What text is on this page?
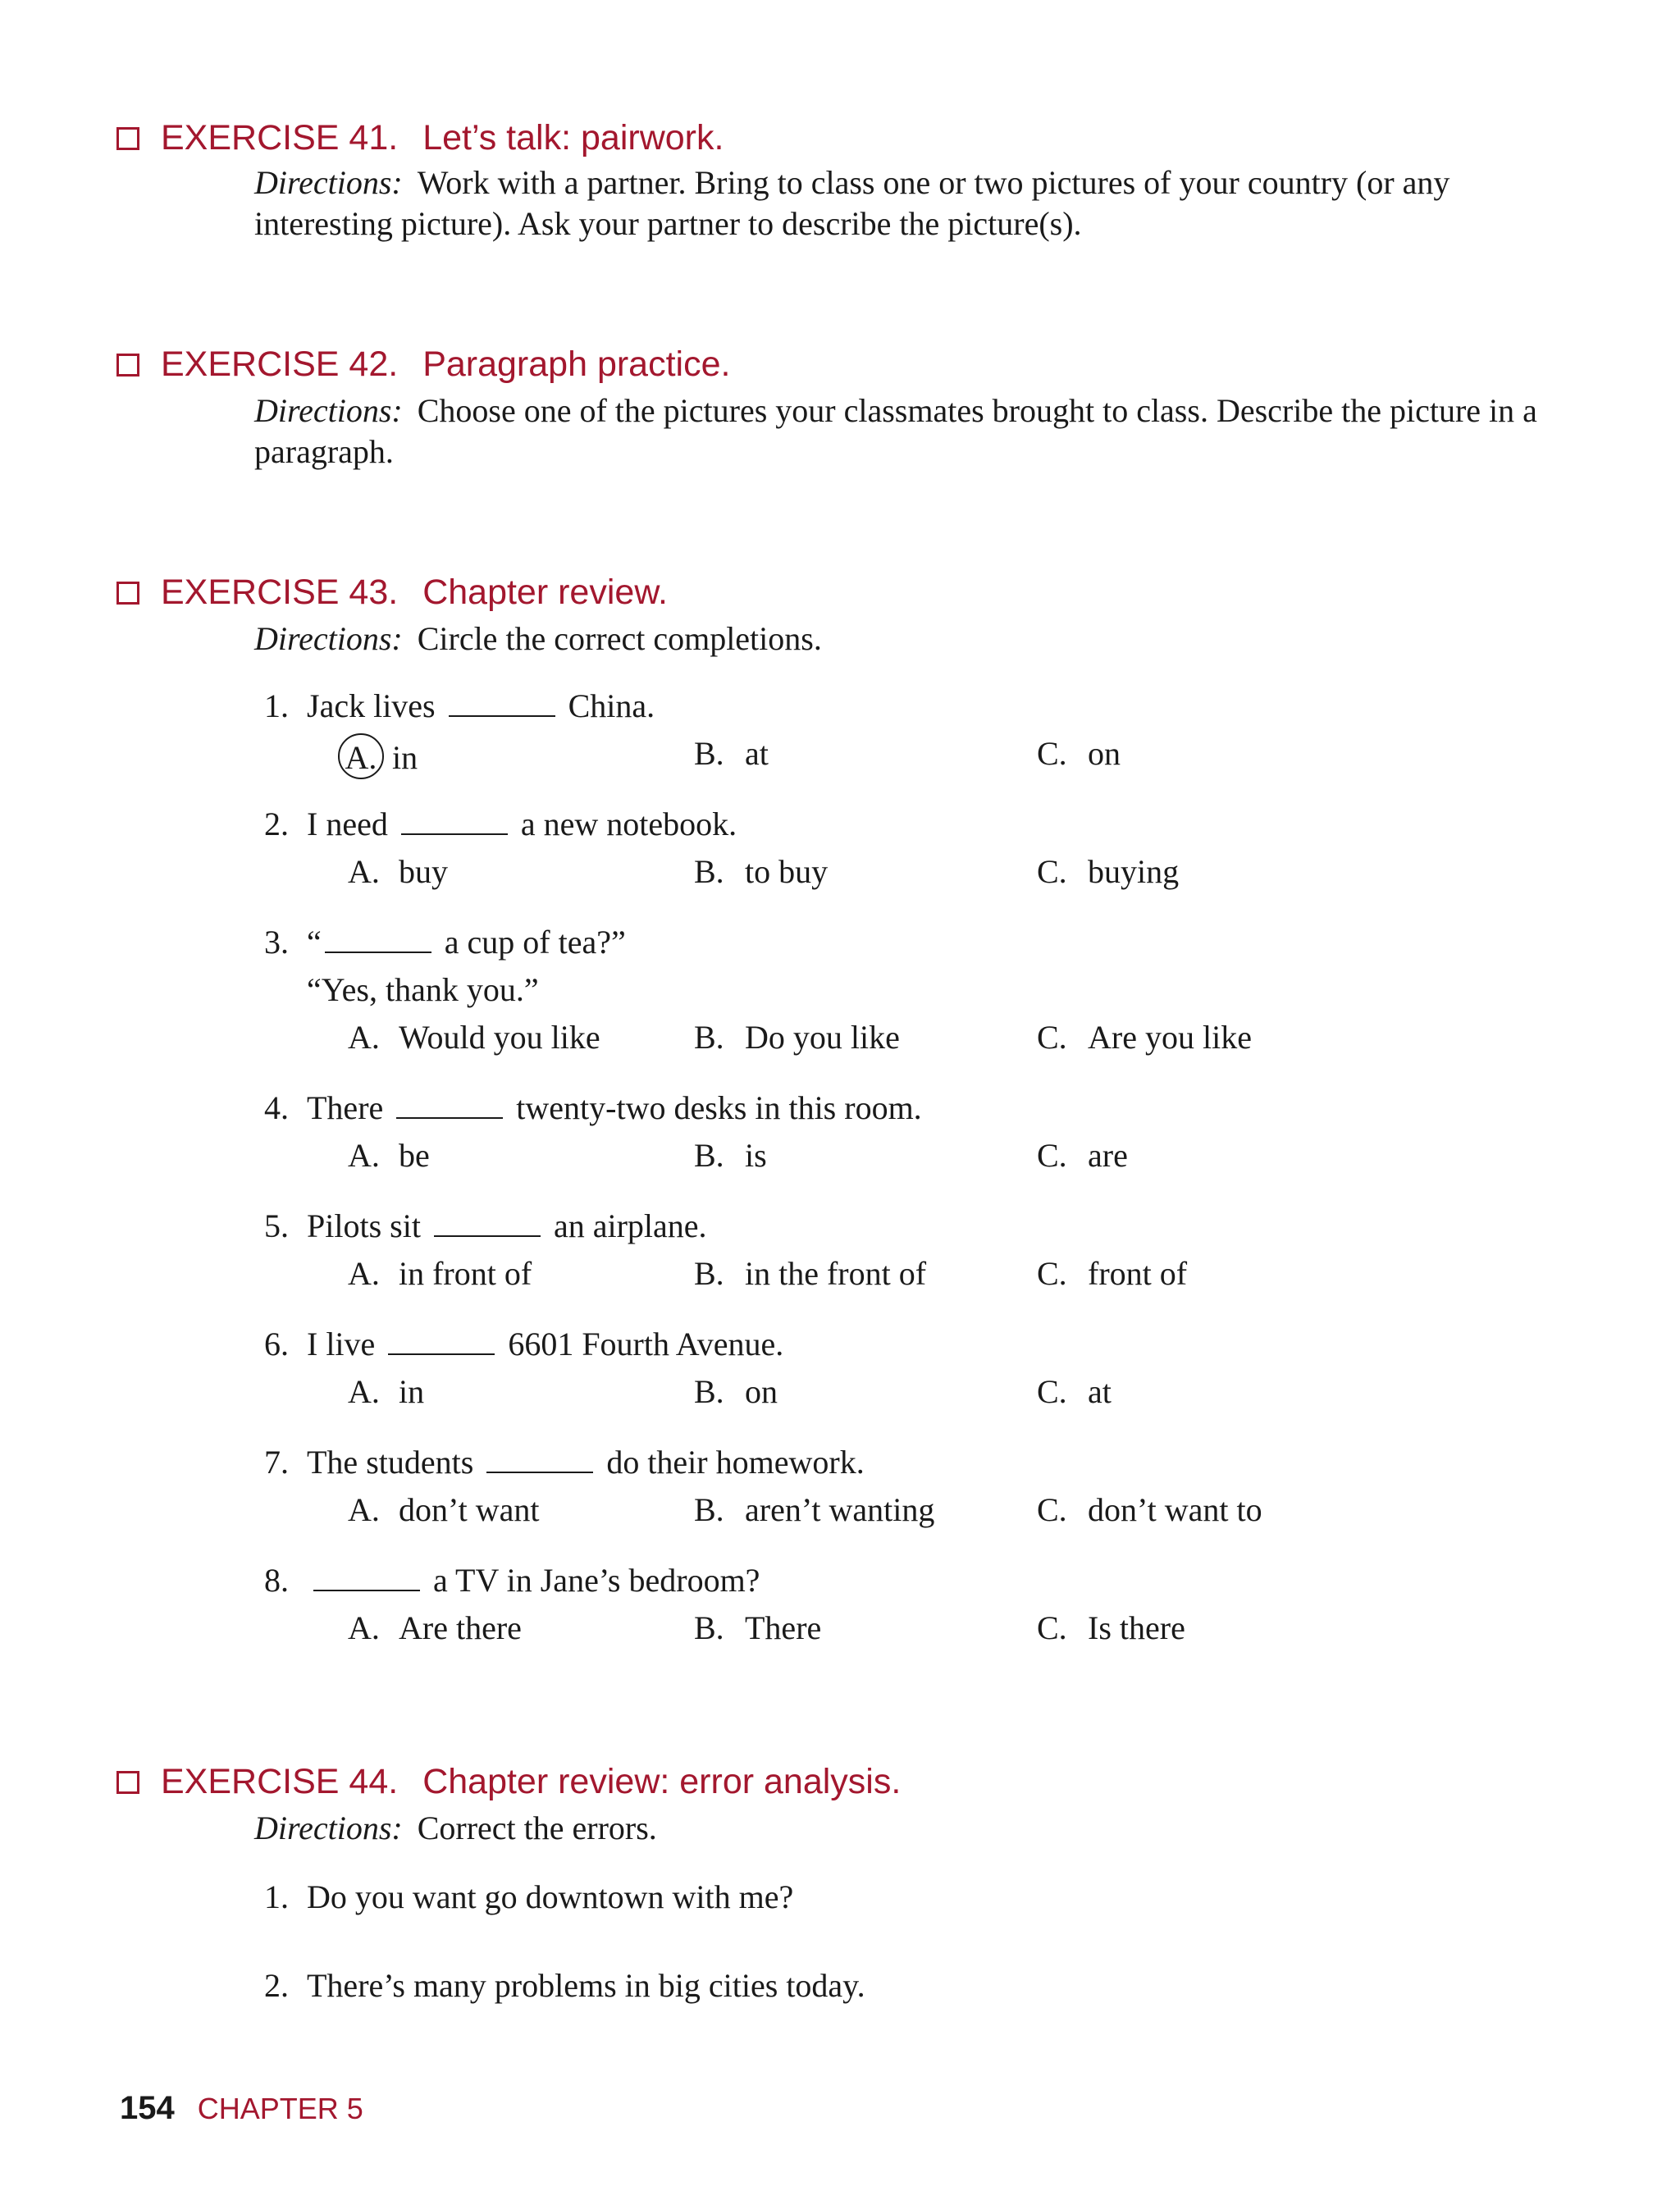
EXERCISE 41. Let’s talk: pairwork.
Directions: Work with a partner. Bring to class one or two pictures of your country (or any interesting picture). Ask your partner to describe the picture(s).
EXERCISE 42. Paragraph practice.
Directions: Choose one of the pictures your classmates brought to class. Describe the picture in a paragraph.
EXERCISE 43. Chapter review.
Directions: Circle the correct completions.
1. Jack lives	China.
A. in	B. at	C. on
2. I need	a new notebook.
A. buy	B. to buy	C. buying
3. “	a cup of tea?”
“Yes, thank you.”
A. Would you like	B. Do you like	C. Are you like
4. There	twenty-two desks in this room.
A. be	B. is	C. are
5. Pilots sit	an airplane.
A. in front of	B. in the front of	C. front of
6. I live	6601 Fourth Avenue.
A. in	B. on	C. at
7. The students	do their homework.
A. don’t want	B. aren’t wanting	C. don’t want to
8.	a TV in Jane’s bedroom?
A. Are there	B. There	C. Is there
EXERCISE 44. Chapter review: error analysis.
Directions: Correct the errors.
1. Do you want go downtown with me?
2. There’s many problems in big cities today.
154 CHAPTER 5
